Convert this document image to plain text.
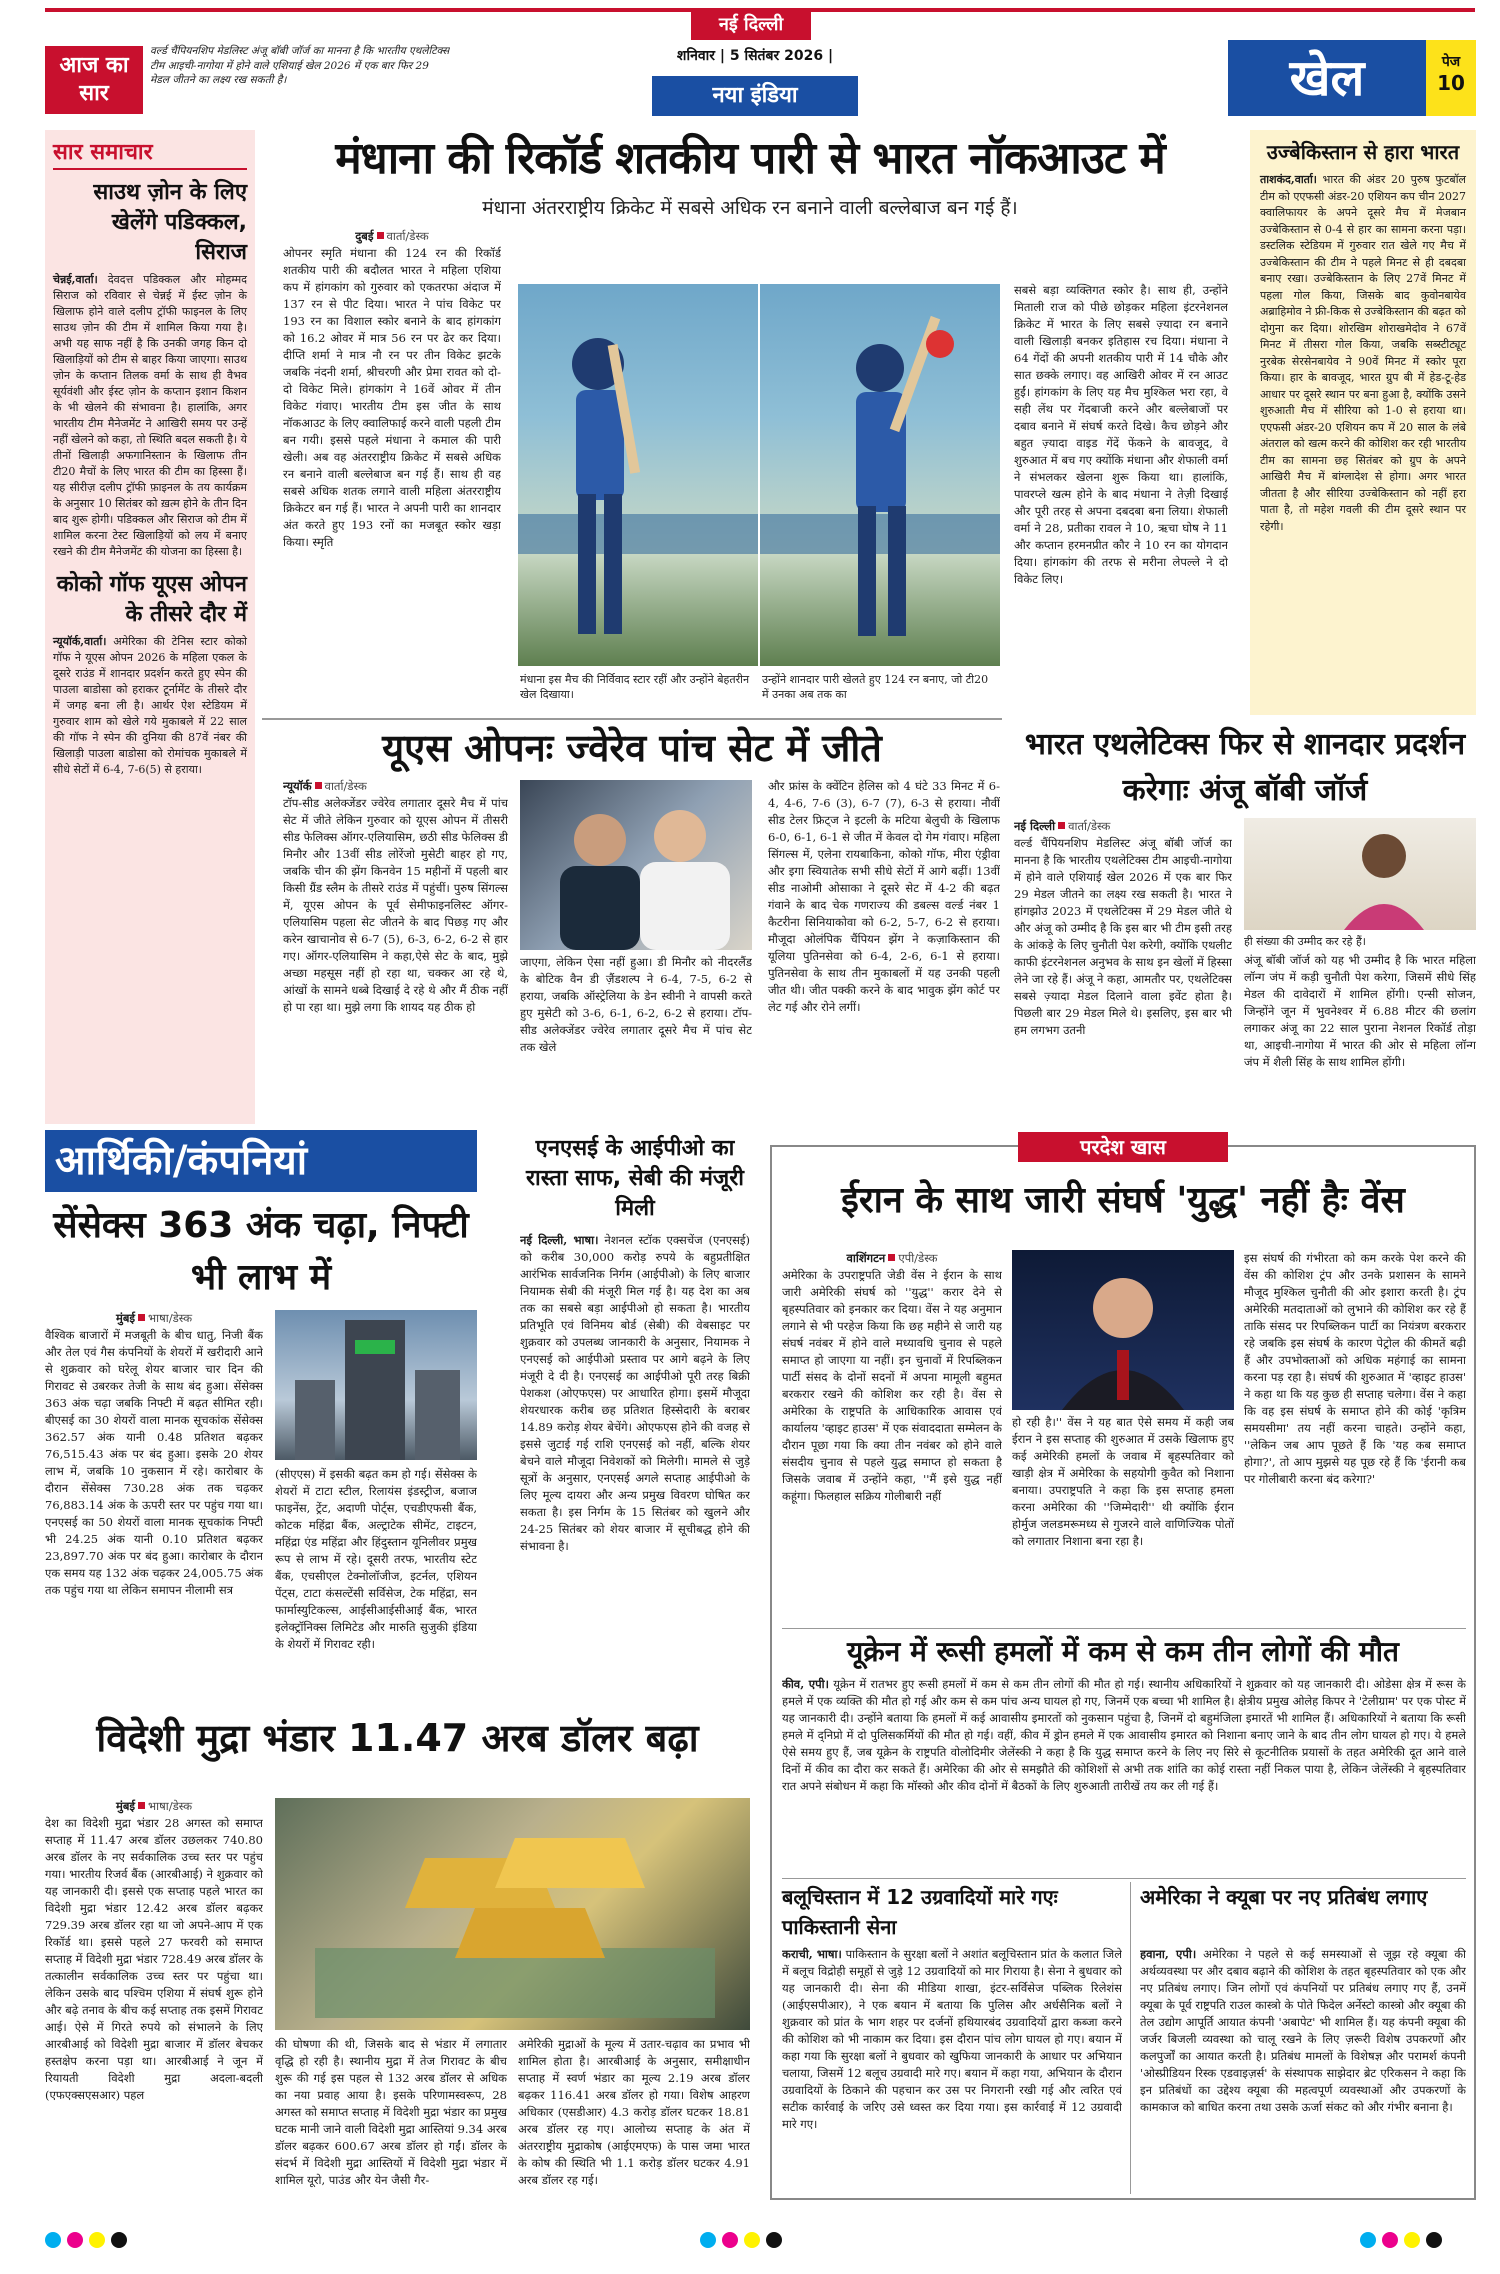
आज का सार
वर्ल्ड चैंपियनशिप मेडलिस्ट अंजू बॉबी जॉर्ज का मानना है कि भारतीय एथलेटिक्स टीम आइची-नागोया में होने वाले एशियाई खेल 2026 में एक बार फिर 29 मेडल जीतने का लक्ष्य रख सकती है।
नई दिल्ली
शनिवार | 5 सितंबर 2026 |
नया इंडिया	खेल	पेज
10
सार समाचार
साउथ ज़ोन के लिए खेलेंगे पडिक्कल, सिराज
चेन्नई,वार्ता। देवदत्त पडिक्कल और मोहम्मद सिराज को रविवार से चेन्नई में ईस्ट ज़ोन के खिलाफ होने वाले दलीप ट्रॉफी फाइनल के लिए साउथ ज़ोन की टीम में शामिल किया गया है। अभी यह साफ नहीं है कि उनकी जगह किन दो खिलाड़ियों को टीम से बाहर किया जाएगा। साउथ ज़ोन के कप्तान तिलक वर्मा के साथ ही वैभव सूर्यवंशी और ईस्ट ज़ोन के कप्तान इशान किशन के भी खेलने की संभावना है। हालांकि, अगर भारतीय टीम मैनेजमेंट ने आखिरी समय पर उन्हें नहीं खेलने को कहा, तो स्थिति बदल सकती है। ये तीनों खिलाड़ी अफगानिस्तान के खिलाफ तीन टी20 मैचों के लिए भारत की टीम का हिस्सा हैं। यह सीरीज़ दलीप ट्रॉफी फ़ाइनल के तय कार्यक्रम के अनुसार 10 सितंबर को ख़त्म होने के तीन दिन बाद शुरू होगी। पडिक्कल और सिराज को टीम में शामिल करना टेस्ट खिलाड़ियों को लय में बनाए रखने की टीम मैनेजमेंट की योजना का हिस्सा है।
कोको गॉफ यूएस ओपन के तीसरे दौर में
न्यूयॉर्क,वार्ता। अमेरिका की टेनिस स्टार कोको गॉफ ने यूएस ओपन 2026 के महिला एकल के दूसरे राउंड में शानदार प्रदर्शन करते हुए स्पेन की पाउला बाडोसा को हराकर टूर्नामेंट के तीसरे दौर में जगह बना ली है। आर्थर ऐश स्टेडियम में गुरुवार शाम को खेले गये मुकाबले में 22 साल की गॉफ ने स्पेन की दुनिया की 87वें नंबर की खिलाड़ी पाउला बाडोसा को रोमांचक मुकाबले में सीधे सेटों में 6-4, 7-6(5) से हराया।
मंधाना की रिकॉर्ड शतकीय पारी से भारत नॉकआउट में
मंधाना अंतरराष्ट्रीय क्रिकेट में सबसे अधिक रन बनाने वाली बल्लेबाज बन गई हैं।
दुबई वार्ता/डेस्क
ओपनर स्मृति मंधाना की 124 रन की रिकॉर्ड शतकीय पारी की बदौलत भारत ने महिला एशिया कप में हांगकांग को गुरुवार को एकतरफा अंदाज में 137 रन से पीट दिया। भारत ने पांच विकेट पर 193 रन का विशाल स्कोर बनाने के बाद हांगकांग को 16.2 ओवर में मात्र 56 रन पर ढेर कर दिया। दीप्ति शर्मा ने मात्र नौ रन पर तीन विकेट झटके जबकि नंदनी शर्मा, श्रीचरणी और प्रेमा रावत को दो-दो विकेट मिले। हांगकांग ने 16वें ओवर में तीन विकेट गंवाए। भारतीय टीम इस जीत के साथ नॉकआउट के लिए क्वालिफाई करने वाली पहली टीम बन गयी। इससे पहले मंधाना ने कमाल की पारी खेली। अब वह अंतरराष्ट्रीय क्रिकेट में सबसे अधिक रन बनाने वाली बल्लेबाज बन गई हैं। साथ ही वह सबसे अधिक शतक लगाने वाली महिला अंतरराष्ट्रीय क्रिकेटर बन गई हैं। भारत ने अपनी पारी का शानदार अंत करते हुए 193 रनों का मजबूत स्कोर खड़ा किया। स्मृति
मंधाना इस मैच की निर्विवाद स्टार रहीं और उन्होंने बेहतरीन खेल दिखाया।
उन्होंने शानदार पारी खेलते हुए 124 रन बनाए, जो टी20 में उनका अब तक का
सबसे बड़ा व्यक्तिगत स्कोर है। साथ ही, उन्होंने मिताली राज को पीछे छोड़कर महिला इंटरनेशनल क्रिकेट में भारत के लिए सबसे ज़्यादा रन बनाने वाली खिलाड़ी बनकर इतिहास रच दिया। मंधाना ने 64 गेंदों की अपनी शतकीय पारी में 14 चौके और सात छक्के लगाए। वह आखिरी ओवर में रन आउट हुईं। हांगकांग के लिए यह मैच मुश्किल भरा रहा, वे सही लेंथ पर गेंदबाजी करने और बल्लेबाजों पर दबाव बनाने में संघर्ष करते दिखे। कैच छोड़ने और बहुत ज़्यादा वाइड गेंदें फेंकने के बावजूद, वे शुरुआत में बच गए क्योंकि मंधाना और शेफाली वर्मा ने संभलकर खेलना शुरू किया था। हालांकि, पावरप्ले खत्म होने के बाद मंधाना ने तेज़ी दिखाई और पूरी तरह से अपना दबदबा बना लिया। शेफाली वर्मा ने 28, प्रतीका रावल ने 10, ऋचा घोष ने 11 और कप्तान हरमनप्रीत कौर ने 10 रन का योगदान दिया। हांगकांग की तरफ से मरीना लेपल्ले ने दो विकेट लिए।
उज्बेकिस्तान से हारा भारत
ताशकंद,वार्ता। भारत की अंडर 20 पुरुष फुटबॉल टीम को एएफसी अंडर-20 एशियन कप चीन 2027 क्वालिफायर के अपने दूसरे मैच में मेजबान उज्बेकिस्तान से 0-4 से हार का सामना करना पड़ा। डस्टलिक स्टेडियम में गुरुवार रात खेले गए मैच में उज्बेकिस्तान की टीम ने पहले मिनट से ही दबदबा बनाए रखा। उज्बेकिस्तान के लिए 27वें मिनट में पहला गोल किया, जिसके बाद कुवोनबायेव अब्राहिमोव ने फ्री-किक से उज्बेकिस्तान की बढ़त को दोगुना कर दिया। शोरखिम शोराखमेदोव ने 67वें मिनट में तीसरा गोल किया, जबकि सब्स्टीट्यूट नुरबेक सेरसेनबायेव ने 90वें मिनट में स्कोर पूरा किया। हार के बावजूद, भारत ग्रुप बी में हेड-टू-हेड आधार पर दूसरे स्थान पर बना हुआ है, क्योंकि उसने शुरुआती मैच में सीरिया को 1-0 से हराया था। एएफसी अंडर-20 एशियन कप में 20 साल के लंबे अंतराल को खत्म करने की कोशिश कर रही भारतीय टीम का सामना छह सितंबर को ग्रुप के अपने आखिरी मैच में बांग्लादेश से होगा। अगर भारत जीतता है और सीरिया उज्बेकिस्तान को नहीं हरा पाता है, तो महेश गवली की टीम दूसरे स्थान पर रहेगी।
यूएस ओपनः ज्वेरेव पांच सेट में जीते
न्यूयॉर्क वार्ता/डेस्क
टॉप-सीड अलेक्जेंडर ज्वेरेव लगातार दूसरे मैच में पांच सेट में जीते लेकिन गुरुवार को यूएस ओपन में तीसरी सीड फेलिक्स ऑगर-एलियासिम, छठी सीड फेलिक्स डी मिनौर और 13वीं सीड लोरेंजो मुसेटी बाहर हो गए, जबकि चीन की झेंग किनवेन 15 महीनों में पहली बार किसी ग्रैंड स्लैम के तीसरे राउंड में पहुंचीं। पुरुष सिंगल्स में, यूएस ओपन के पूर्व सेमीफाइनलिस्ट ऑगर-एलियासिम पहला सेट जीतने के बाद पिछड़ गए और करेन खाचानोव से 6-7 (5), 6-3, 6-2, 6-2 से हार गए। ऑगर-एलियासिम ने कहा,ऐसे सेट के बाद, मुझे अच्छा महसूस नहीं हो रहा था, चक्कर आ रहे थे, आंखों के सामने धब्बे दिखाई दे रहे थे और मैं ठीक नहीं हो पा रहा था। मुझे लगा कि शायद यह ठीक हो
जाएगा, लेकिन ऐसा नहीं हुआ। डी मिनौर को नीदरलैंड के बोटिक वैन डी ज़ैंडशल्प ने 6-4, 7-5, 6-2 से हराया, जबकि ऑस्ट्रेलिया के डेन स्वीनी ने वापसी करते हुए मुसेटी को 3-6, 6-1, 6-2, 6-2 से हराया। टॉप-सीड अलेक्जेंडर ज्वेरेव लगातार दूसरे मैच में पांच सेट तक खेले
और फ्रांस के क्वेंटिन हेलिस को 4 घंटे 33 मिनट में 6-4, 4-6, 7-6 (3), 6-7 (7), 6-3 से हराया। नौवीं सीड टेलर फ्रिट्ज ने इटली के मटिया बेलुची के खिलाफ 6-0, 6-1, 6-1 से जीत में केवल दो गेम गंवाए। महिला सिंगल्स में, एलेना रायबाकिना, कोको गॉफ, मीरा एंड्रीवा और इगा स्वियातेक सभी सीधे सेटों में आगे बढ़ीं। 13वीं सीड नाओमी ओसाका ने दूसरे सेट में 4-2 की बढ़त गंवाने के बाद चेक गणराज्य की डबल्स वर्ल्ड नंबर 1 कैटरीना सिनियाकोवा को 6-2, 5-7, 6-2 से हराया। मौजूदा ओलंपिक चैंपियन झेंग ने कज़ाकिस्तान की यूलिया पुतिनसेवा को 6-4, 2-6, 6-1 से हराया। पुतिनसेवा के साथ तीन मुकाबलों में यह उनकी पहली जीत थी। जीत पक्की करने के बाद भावुक झेंग कोर्ट पर लेट गई और रोने लगीं।
भारत एथलेटिक्स फिर से शानदार प्रदर्शन करेगाः अंजू बॉबी जॉर्ज
नई दिल्ली वार्ता/डेस्क
वर्ल्ड चैंपियनशिप मेडलिस्ट अंजू बॉबी जॉर्ज का मानना है कि भारतीय एथलेटिक्स टीम आइची-नागोया में होने वाले एशियाई खेल 2026 में एक बार फिर 29 मेडल जीतने का लक्ष्य रख सकती है। भारत ने हांगझोउ 2023 में एथलेटिक्स में 29 मेडल जीते थे और अंजू को उम्मीद है कि इस बार भी टीम इसी तरह के आंकड़े के लिए चुनौती पेश करेगी, क्योंकि एथलीट काफी इंटरनेशनल अनुभव के साथ इन खेलों में हिस्सा लेने जा रहे हैं। अंजू ने कहा, आमतौर पर, एथलेटिक्स सबसे ज़्यादा मेडल दिलाने वाला इवेंट होता है। पिछली बार 29 मेडल मिले थे। इसलिए, इस बार भी हम लगभग उतनी
ही संख्या की उम्मीद कर रहे हैं।
अंजू बॉबी जॉर्ज को यह भी उम्मीद है कि भारत महिला लॉन्ग जंप में कड़ी चुनौती पेश करेगा, जिसमें सीधे सिंह मेडल की दावेदारों में शामिल होंगी। एन्सी सोजन, जिन्होंने जून में भुवनेश्वर में 6.88 मीटर की छलांग लगाकर अंजू का 22 साल पुराना नेशनल रिकॉर्ड तोड़ा था, आइची-नागोया में भारत की ओर से महिला लॉन्ग जंप में शैली सिंह के साथ शामिल होंगी।
आर्थिकी/कंपनियां
सेंसेक्स 363 अंक चढ़ा, निफ्टी भी लाभ में
मुंबई भाषा/डेस्क
वैश्विक बाजारों में मजबूती के बीच धातु, निजी बैंक और तेल एवं गैस कंपनियों के शेयरों में खरीदारी आने से शुक्रवार को घरेलू शेयर बाजार चार दिन की गिरावट से उबरकर तेजी के साथ बंद हुआ। सेंसेक्स 363 अंक चढ़ा जबकि निफ्टी में बढ़त सीमित रही। बीएसई का 30 शेयरों वाला मानक सूचकांक सेंसेक्स 362.57 अंक यानी 0.48 प्रतिशत बढ़कर 76,515.43 अंक पर बंद हुआ। इसके 20 शेयर लाभ में, जबकि 10 नुकसान में रहे। कारोबार के दौरान सेंसेक्स 730.28 अंक तक चढ़कर 76,883.14 अंक के ऊपरी स्तर पर पहुंच गया था। एनएसई का 50 शेयरों वाला मानक सूचकांक निफ्टी भी 24.25 अंक यानी 0.10 प्रतिशत बढ़कर 23,897.70 अंक पर बंद हुआ। कारोबार के दौरान एक समय यह 132 अंक चढ़कर 24,005.75 अंक तक पहुंच गया था लेकिन समापन नीलामी सत्र
(सीएएस) में इसकी बढ़त कम हो गई। सेंसेक्स के शेयरों में टाटा स्टील, रिलायंस इंडस्ट्रीज, बजाज फाइनेंस, ट्रेंट, अदाणी पोर्ट्स, एचडीएफसी बैंक, कोटक महिंद्रा बैंक, अल्ट्राटेक सीमेंट, टाइटन, महिंद्रा एंड महिंद्रा और हिंदुस्तान यूनिलीवर प्रमुख रूप से लाभ में रहे। दूसरी तरफ, भारतीय स्टेट बैंक, एचसीएल टेक्नोलॉजीज, इटर्नल, एशियन पेंट्स, टाटा कंसल्टेंसी सर्विसेज, टेक महिंद्रा, सन फार्मास्युटिकल्स, आईसीआईसीआई बैंक, भारत इलेक्ट्रॉनिक्स लिमिटेड और मारुति सुजुकी इंडिया के शेयरों में गिरावट रही।
एनएसई के आईपीओ का रास्ता साफ, सेबी की मंजूरी मिली
नई दिल्ली, भाषा। नेशनल स्टॉक एक्सचेंज (एनएसई) को करीब 30,000 करोड़ रुपये के बहुप्रतीक्षित आरंभिक सार्वजनिक निर्गम (आईपीओ) के लिए बाजार नियामक सेबी की मंजूरी मिल गई है। यह देश का अब तक का सबसे बड़ा आईपीओ हो सकता है। भारतीय प्रतिभूति एवं विनिमय बोर्ड (सेबी) की वेबसाइट पर शुक्रवार को उपलब्ध जानकारी के अनुसार, नियामक ने एनएसई को आईपीओ प्रस्ताव पर आगे बढ़ने के लिए मंजूरी दे दी है। एनएसई का आईपीओ पूरी तरह बिक्री पेशकश (ओएफएस) पर आधारित होगा। इसमें मौजूदा शेयरधारक करीब छह प्रतिशत हिस्सेदारी के बराबर 14.89 करोड़ शेयर बेचेंगे। ओएफएस होने की वजह से इससे जुटाई गई राशि एनएसई को नहीं, बल्कि शेयर बेचने वाले मौजूदा निवेशकों को मिलेगी। मामले से जुड़े सूत्रों के अनुसार, एनएसई अगले सप्ताह आईपीओ के लिए मूल्य दायरा और अन्य प्रमुख विवरण घोषित कर सकता है। इस निर्गम के 15 सितंबर को खुलने और 24-25 सितंबर को शेयर बाजार में सूचीबद्ध होने की संभावना है।
विदेशी मुद्रा भंडार 11.47 अरब डॉलर बढ़ा
मुंबई भाषा/डेस्क
देश का विदेशी मुद्रा भंडार 28 अगस्त को समाप्त सप्ताह में 11.47 अरब डॉलर उछलकर 740.80 अरब डॉलर के नए सर्वकालिक उच्च स्तर पर पहुंच गया। भारतीय रिजर्व बैंक (आरबीआई) ने शुक्रवार को यह जानकारी दी। इससे एक सप्ताह पहले भारत का विदेशी मुद्रा भंडार 12.42 अरब डॉलर बढ़कर 729.39 अरब डॉलर रहा था जो अपने-आप में एक रिकॉर्ड था। इससे पहले 27 फरवरी को समाप्त सप्ताह में विदेशी मुद्रा भंडार 728.49 अरब डॉलर के तत्कालीन सर्वकालिक उच्च स्तर पर पहुंचा था। लेकिन उसके बाद पश्चिम एशिया में संघर्ष शुरू होने और बढ़े तनाव के बीच कई सप्ताह तक इसमें गिरावट आई। ऐसे में गिरते रुपये को संभालने के लिए आरबीआई को विदेशी मुद्रा बाजार में डॉलर बेचकर हस्तक्षेप करना पड़ा था। आरबीआई ने जून में रियायती विदेशी मुद्रा अदला-बदली (एफएक्सएसआर) पहल
की घोषणा की थी, जिसके बाद से भंडार में लगातार वृद्धि हो रही है। स्थानीय मुद्रा में तेज गिरावट के बीच शुरू की गई इस पहल से 132 अरब डॉलर से अधिक का नया प्रवाह आया है। इसके परिणामस्वरूप, 28 अगस्त को समाप्त सप्ताह में विदेशी मुद्रा भंडार का प्रमुख घटक मानी जाने वाली विदेशी मुद्रा आस्तियां 9.34 अरब डॉलर बढ़कर 600.67 अरब डॉलर हो गईं। डॉलर के संदर्भ में विदेशी मुद्रा आस्तियों में विदेशी मुद्रा भंडार में शामिल यूरो, पाउंड और येन जैसी गैर-
अमेरिकी मुद्राओं के मूल्य में उतार-चढ़ाव का प्रभाव भी शामिल होता है। आरबीआई के अनुसार, समीक्षाधीन सप्ताह में स्वर्ण भंडार का मूल्य 2.19 अरब डॉलर बढ़कर 116.41 अरब डॉलर हो गया। विशेष आहरण अधिकार (एसडीआर) 4.3 करोड़ डॉलर घटकर 18.81 अरब डॉलर रह गए। आलोच्य सप्ताह के अंत में अंतरराष्ट्रीय मुद्राकोष (आईएमएफ) के पास जमा भारत के कोष की स्थिति भी 1.1 करोड़ डॉलर घटकर 4.91 अरब डॉलर रह गई।
परदेश खास
ईरान के साथ जारी संघर्ष 'युद्ध' नहीं हैः वेंस
वाशिंगटन एपी/डेस्क
अमेरिका के उपराष्ट्रपति जेडी वेंस ने ईरान के साथ जारी अमेरिकी संघर्ष को ''युद्ध'' करार देने से बृहस्पतिवार को इनकार कर दिया। वेंस ने यह अनुमान लगाने से भी परहेज किया कि छह महीने से जारी यह संघर्ष नवंबर में होने वाले मध्यावधि चुनाव से पहले समाप्त हो जाएगा या नहीं। इन चुनावों में रिपब्लिकन पार्टी संसद के दोनों सदनों में अपना मामूली बहुमत बरकरार रखने की कोशिश कर रही है। वेंस से अमेरिका के राष्ट्रपति के आधिकारिक आवास एवं कार्यालय 'व्हाइट हाउस' में एक संवाददाता सम्मेलन के दौरान पूछा गया कि क्या तीन नवंबर को होने वाले संसदीय चुनाव से पहले युद्ध समाप्त हो सकता है जिसके जवाब में उन्होंने कहा, ''मैं इसे युद्ध नहीं कहूंगा। फिलहाल सक्रिय गोलीबारी नहीं
हो रही है।'' वेंस ने यह बात ऐसे समय में कही जब ईरान ने इस सप्ताह की शुरुआत में उसके खिलाफ हुए कई अमेरिकी हमलों के जवाब में बृहस्पतिवार को खाड़ी क्षेत्र में अमेरिका के सहयोगी कुवैत को निशाना बनाया। उपराष्ट्रपति ने कहा कि इस सप्ताह हमला करना अमेरिका की ''जिम्मेदारी'' थी क्योंकि ईरान होर्मुज जलडमरूमध्य से गुजरने वाले वाणिज्यिक पोतों को लगातार निशाना बना रहा है।
इस संघर्ष की गंभीरता को कम करके पेश करने की वेंस की कोशिश ट्रंप और उनके प्रशासन के सामने मौजूद मुश्किल चुनौती की ओर इशारा करती है। ट्रंप अमेरिकी मतदाताओं को लुभाने की कोशिश कर रहे हैं ताकि संसद पर रिपब्लिकन पार्टी का नियंत्रण बरकरार रहे जबकि इस संघर्ष के कारण पेट्रोल की कीमतें बढ़ी हैं और उपभोक्ताओं को अधिक महंगाई का सामना करना पड़ रहा है। संघर्ष की शुरुआत में 'व्हाइट हाउस' ने कहा था कि यह कुछ ही सप्ताह चलेगा। वेंस ने कहा कि वह इस संघर्ष के समाप्त होने की कोई 'कृत्रिम समयसीमा' तय नहीं करना चाहते। उन्होंने कहा, ''लेकिन जब आप पूछते हैं कि 'यह कब समाप्त होगा?', तो आप मुझसे यह पूछ रहे हैं कि 'ईरानी कब पर गोलीबारी करना बंद करेगा?'
यूक्रेन में रूसी हमलों में कम से कम तीन लोगों की मौत
कीव, एपी। यूक्रेन में रातभर हुए रूसी हमलों में कम से कम तीन लोगों की मौत हो गई। स्थानीय अधिकारियों ने शुक्रवार को यह जानकारी दी। ओडेसा क्षेत्र में रूस के हमले में एक व्यक्ति की मौत हो गई और कम से कम पांच अन्य घायल हो गए, जिनमें एक बच्चा भी शामिल है। क्षेत्रीय प्रमुख ओलेह किपर ने 'टेलीग्राम' पर एक पोस्ट में यह जानकारी दी। उन्होंने बताया कि हमलों में कई आवासीय इमारतों को नुकसान पहुंचा है, जिनमें दो बहुमंजिला इमारतें भी शामिल हैं। अधिकारियों ने बताया कि रूसी हमले में द्निप्रो में दो पुलिसकर्मियों की मौत हो गई। वहीं, कीव में ड्रोन हमले में एक आवासीय इमारत को निशाना बनाए जाने के बाद तीन लोग घायल हो गए। ये हमले ऐसे समय हुए हैं, जब यूक्रेन के राष्ट्रपति वोलोदिमीर जेलेंस्की ने कहा है कि युद्ध समाप्त करने के लिए नए सिरे से कूटनीतिक प्रयासों के तहत अमेरिकी दूत आने वाले दिनों में कीव का दौरा कर सकते हैं। अमेरिका की ओर से समझौते की कोशिशों से अभी तक शांति का कोई रास्ता नहीं निकल पाया है, लेकिन जेलेंस्की ने बृहस्पतिवार रात अपने संबोधन में कहा कि मॉस्को और कीव दोनों में बैठकों के लिए शुरुआती तारीखें तय कर ली गई हैं।
बलूचिस्तान में 12 उग्रवादियों मारे गएः पाकिस्तानी सेना
कराची, भाषा। पाकिस्तान के सुरक्षा बलों ने अशांत बलूचिस्तान प्रांत के कलात जिले में बलूच विद्रोही समूहों से जुड़े 12 उग्रवादियों को मार गिराया है। सेना ने बुधवार को यह जानकारी दी। सेना की मीडिया शाखा, इंटर-सर्विसेज पब्लिक रिलेशंस (आईएसपीआर), ने एक बयान में बताया कि पुलिस और अर्धसैनिक बलों ने शुक्रवार को प्रांत के भाग शहर पर दर्जनों हथियारबंद उग्रवादियों द्वारा कब्जा करने की कोशिश को भी नाकाम कर दिया। इस दौरान पांच लोग घायल हो गए। बयान में कहा गया कि सुरक्षा बलों ने बुधवार को खुफिया जानकारी के आधार पर अभियान चलाया, जिसमें 12 बलूच उग्रवादी मारे गए। बयान में कहा गया, अभियान के दौरान उग्रवादियों के ठिकाने की पहचान कर उस पर निगरानी रखी गई और त्वरित एवं सटीक कार्रवाई के जरिए उसे ध्वस्त कर दिया गया। इस कार्रवाई में 12 उग्रवादी मारे गए।
अमेरिका ने क्यूबा पर नए प्रतिबंध लगाए
हवाना, एपी। अमेरिका ने पहले से कई समस्याओं से जूझ रहे क्यूबा की अर्थव्यवस्था पर और दबाव बढ़ाने की कोशिश के तहत बृहस्पतिवार को एक और नए प्रतिबंध लगाए। जिन लोगों एवं कंपनियों पर प्रतिबंध लगाए गए हैं, उनमें क्यूबा के पूर्व राष्ट्रपति राउल कास्त्रो के पोते फिदेल अर्नेस्टो कास्त्रो और क्यूबा की तेल उद्योग आपूर्ति आयात कंपनी 'अबापेट' भी शामिल हैं। यह कंपनी क्यूबा की जर्जर बिजली व्यवस्था को चालू रखने के लिए ज़रूरी विशेष उपकरणों और कलपुर्जों का आयात करती है। प्रतिबंध मामलों के विशेषज्ञ और परामर्श कंपनी 'ओस्प्रीडियन रिस्क एडवाइज़र्स' के संस्थापक साझेदार ब्रेट एरिकसन ने कहा कि इन प्रतिबंधों का उद्देश्य क्यूबा की महत्वपूर्ण व्यवस्थाओं और उपकरणों के कामकाज को बाधित करना तथा उसके ऊर्जा संकट को और गंभीर बनाना है।
